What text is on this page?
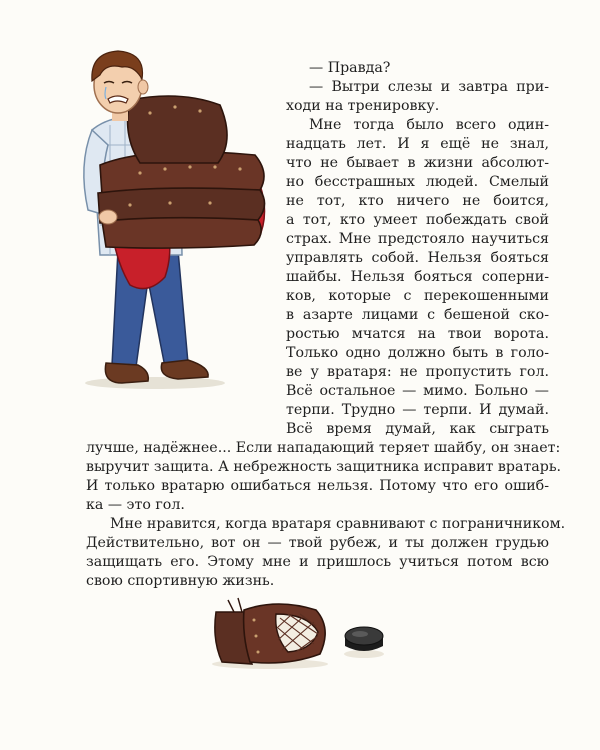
— Правда?
— Вытри слезы и завтра при-
ходи на тренировку.
Мне тогда было всего один-
надцать лет. И я ещё не знал,
что не бывает в жизни абсолют-
но бесстрашных людей. Смелый
не тот, кто ничего не боится,
а тот, кто умеет побеждать свой
страх. Мне предстояло научиться
управлять собой. Нельзя бояться
шайбы. Нельзя бояться соперни-
ков, которые с перекошенными
в азарте лицами с бешеной ско-
ростью мчатся на твои ворота.
Только одно должно быть в голо-
ве у вратаря: не пропустить гол.
Всё остальное — мимо. Больно —
терпи. Трудно — терпи. И думай.
Всё время думай, как сыграть
лучше, надёжнее... Если нападающий теряет шайбу, он знает:
выручит защита. А небрежность защитника исправит вратарь.
И только вратарю ошибаться нельзя. Потому что его ошиб-
ка — это гол.
Мне нравится, когда вратаря сравнивают с пограничником.
Действительно, вот он — твой рубеж, и ты должен грудью
защищать его. Этому мне и пришлось учиться потом всю
свою спортивную жизнь.
